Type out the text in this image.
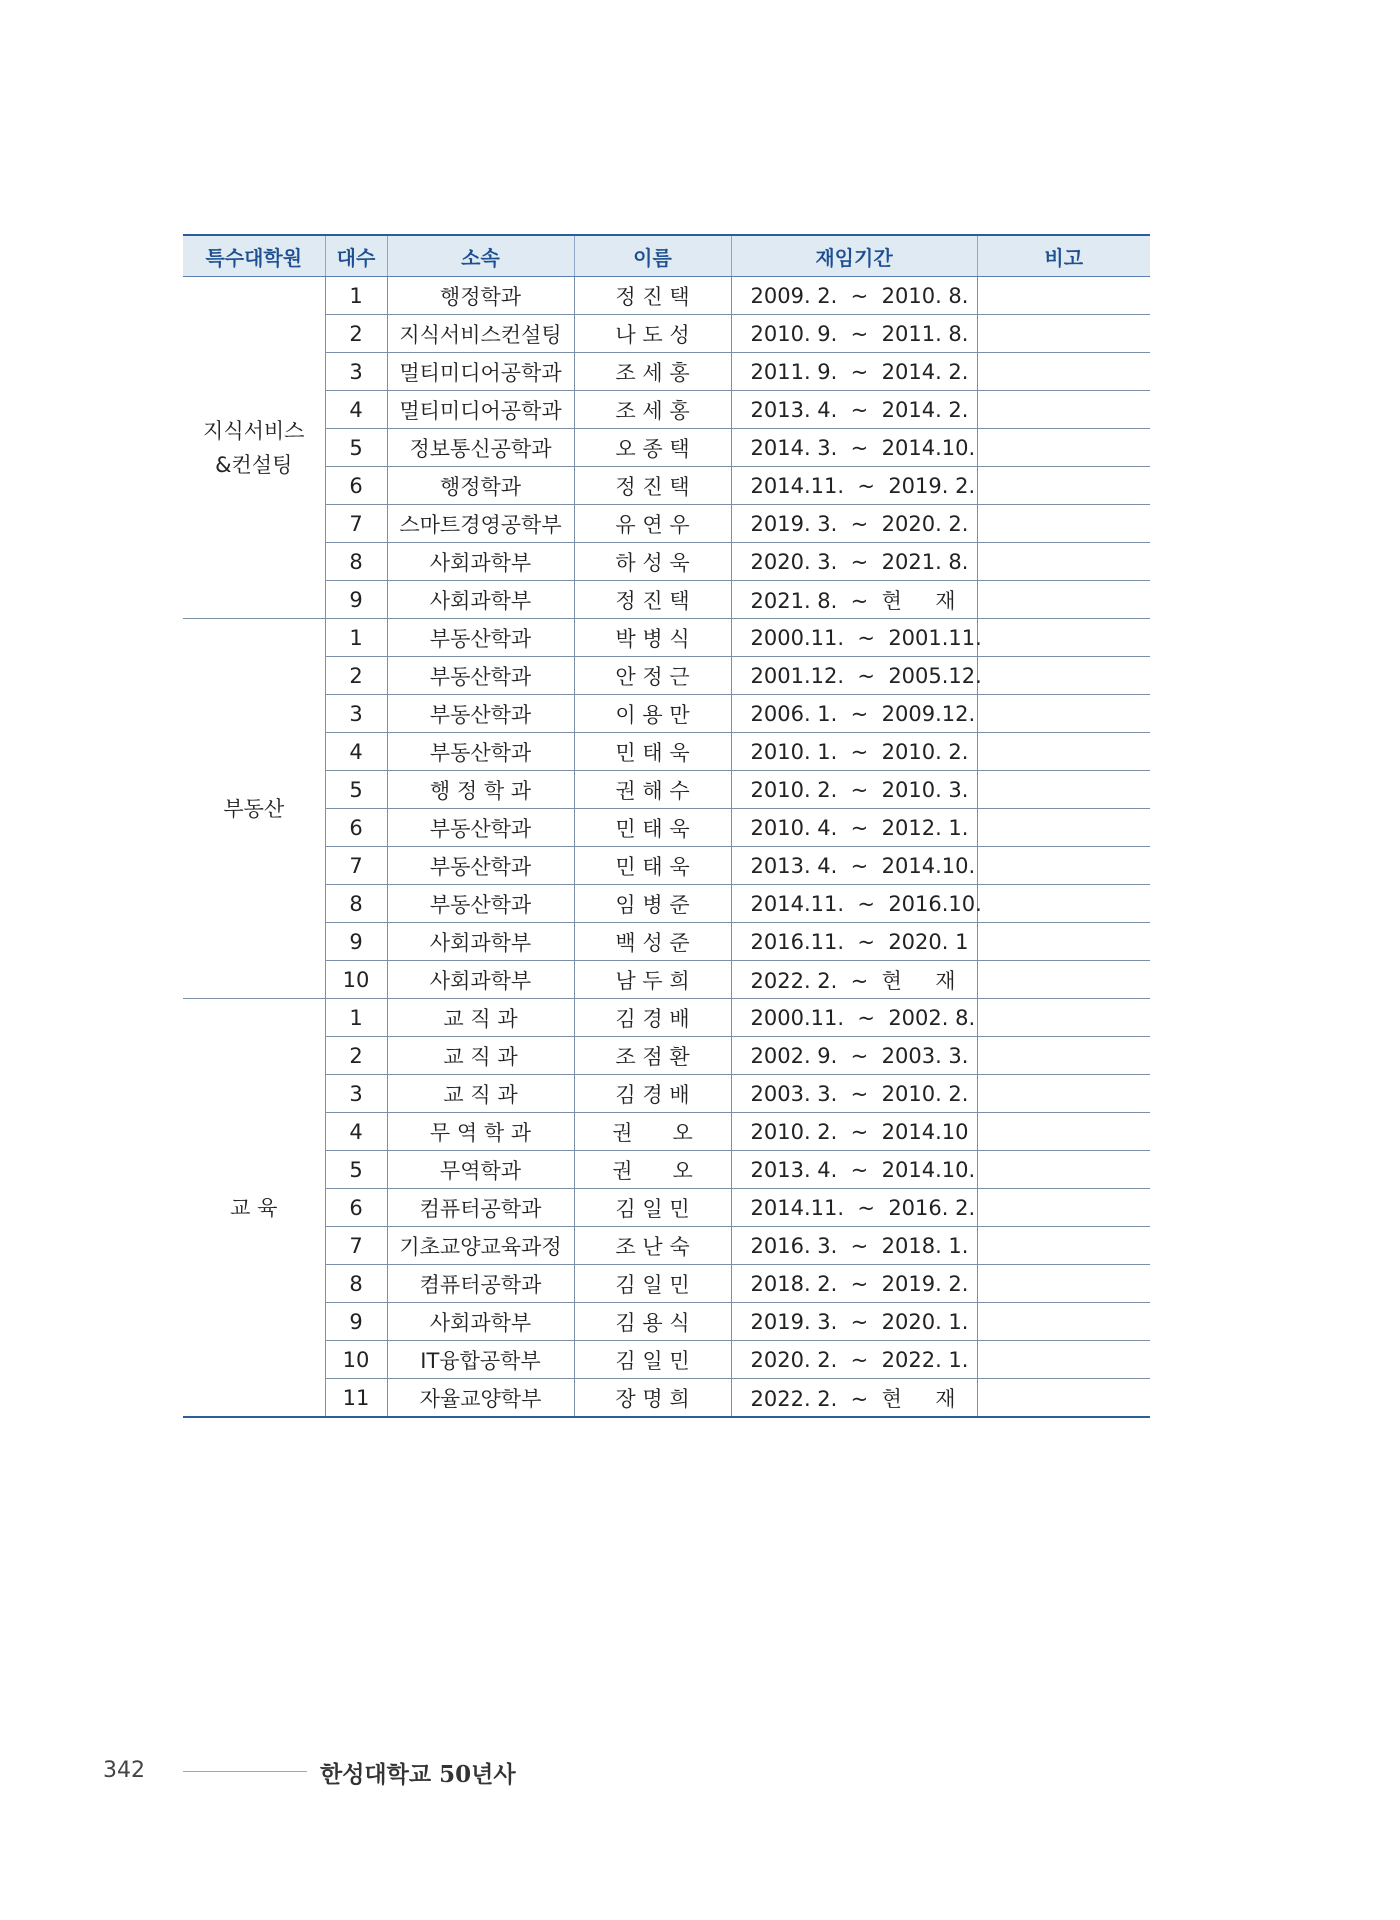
특수대학원	대수	소속	이름	재임기간	비고

지식서비스
&컨설팅	1	행정학과	정 진 택	2009. 2.  ~  2010. 8.	
	2	지식서비스컨설팅	나 도 성	2010. 9.  ~  2011. 8.	
	3	멀티미디어공학과	조 세 홍	2011. 9.  ~  2014. 2.	
	4	멀티미디어공학과	조 세 홍	2013. 4.  ~  2014. 2.	
	5	정보통신공학과	오 종 택	2014. 3.  ~  2014.10.	
	6	행정학과	정 진 택	2014.11.  ~  2019. 2.	
	7	스마트경영공학부	유 연 우	2019. 3.  ~  2020. 2.	
	8	사회과학부	하 성 욱	2020. 3.  ~  2021. 8.	
	9	사회과학부	정 진 택	2021. 8.  ~  현     재	

부동산	1	부동산학과	박 병 식	2000.11.  ~  2001.11.	
	2	부동산학과	안 정 근	2001.12.  ~  2005.12.	
	3	부동산학과	이 용 만	2006. 1.  ~  2009.12.	
	4	부동산학과	민 태 욱	2010. 1.  ~  2010. 2.	
	5	행 정 학 과	권 해 수	2010. 2.  ~  2010. 3.	
	6	부동산학과	민 태 욱	2010. 4.  ~  2012. 1.	
	7	부동산학과	민 태 욱	2013. 4.  ~  2014.10.	
	8	부동산학과	임 병 준	2014.11.  ~  2016.10.	
	9	사회과학부	백 성 준	2016.11.  ~  2020. 1	
	10	사회과학부	남 두 희	2022. 2.  ~  현     재	

교 육	1	교 직 과	김 경 배	2000.11.  ~  2002. 8.	
	2	교 직 과	조 점 환	2002. 9.  ~  2003. 3.	
	3	교 직 과	김 경 배	2003. 3.  ~  2010. 2.	
	4	무 역 학 과	권      오	2010. 2.  ~  2014.10	
	5	무역학과	권      오	2013. 4.  ~  2014.10.	
	6	컴퓨터공학과	김 일 민	2014.11.  ~  2016. 2.	
	7	기초교양교육과정	조 난 숙	2016. 3.  ~  2018. 1.	
	8	켬퓨터공학과	김 일 민	2018. 2.  ~  2019. 2.	
	9	사회과학부	김 용 식	2019. 3.  ~  2020. 1.	
	10	IT융합공학부	김 일 민	2020. 2.  ~  2022. 1.	
	11	자율교양학부	장 명 희	2022. 2.  ~  현     재	
342	한성대학교 50년사
